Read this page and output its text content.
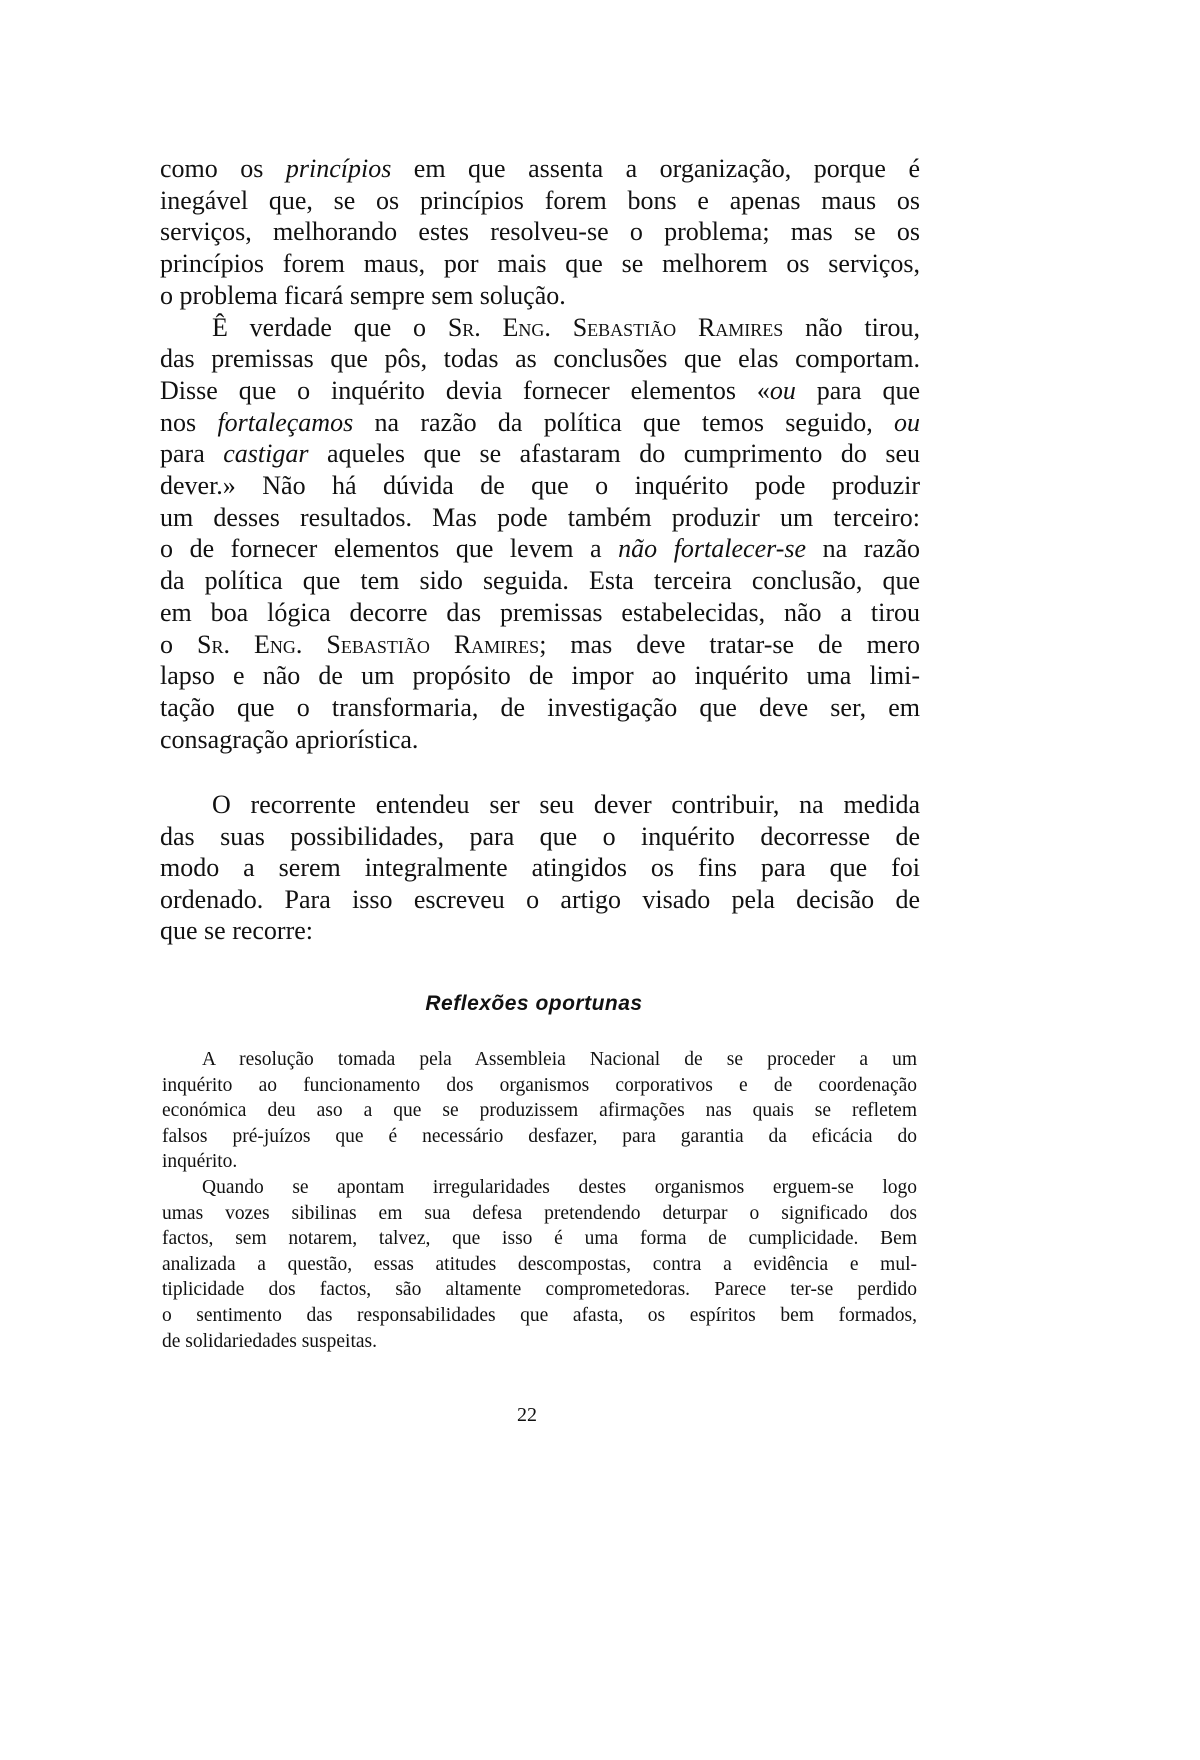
como os princípios em que assenta a organização, porque é
inegável que, se os princípios forem bons e apenas maus os
serviços, melhorando estes resolveu-se o problema; mas se os
princípios forem maus, por mais que se melhorem os serviços,
o problema ficará sempre sem solução.
Ê verdade que o Sr. Eng. Sebastião Ramires não tirou,
das premissas que pôs, todas as conclusões que elas comportam.
Disse que o inquérito devia fornecer elementos «ou para que
nos fortaleçamos na razão da política que temos seguido, ou
para castigar aqueles que se afastaram do cumprimento do seu
dever.» Não há dúvida de que o inquérito pode produzir
um desses resultados. Mas pode também produzir um terceiro:
o de fornecer elementos que levem a não fortalecer-se na razão
da política que tem sido seguida. Esta terceira conclusão, que
em boa lógica decorre das premissas estabelecidas, não a tirou
o Sr. Eng. Sebastião Ramires; mas deve tratar-se de mero
lapso e não de um propósito de impor ao inquérito uma limi-
tação que o transformaria, de investigação que deve ser, em
consagração apriorística.
O recorrente entendeu ser seu dever contribuir, na medida
das suas possibilidades, para que o inquérito decorresse de
modo a serem integralmente atingidos os fins para que foi
ordenado. Para isso escreveu o artigo visado pela decisão de
que se recorre:
Reflexões oportunas
A resolução tomada pela Assembleia Nacional de se proceder a um
inquérito ao funcionamento dos organismos corporativos e de coordenação
económica deu aso a que se produzissem afirmações nas quais se refletem
falsos pré-juízos que é necessário desfazer, para garantia da eficácia do
inquérito.
Quando se apontam irregularidades destes organismos erguem-se logo
umas vozes sibilinas em sua defesa pretendendo deturpar o significado dos
factos, sem notarem, talvez, que isso é uma forma de cumplicidade. Bem
analizada a questão, essas atitudes descompostas, contra a evidência e mul-
tiplicidade dos factos, são altamente comprometedoras. Parece ter-se perdido
o sentimento das responsabilidades que afasta, os espíritos bem formados,
de solidariedades suspeitas.
22
